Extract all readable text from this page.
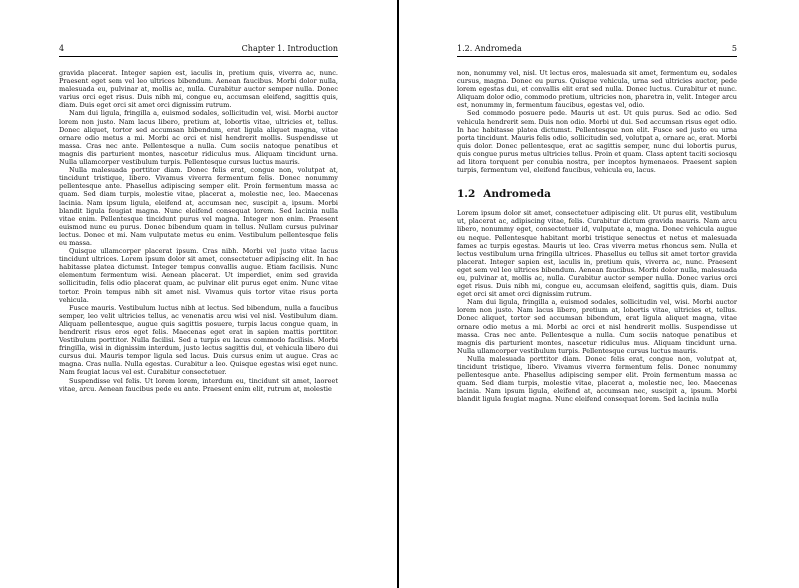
4	Chapter 1. Introduction

gravida placerat. Integer sapien est, iaculis in, pretium quis, viverra ac, nunc. Praesent eget sem vel leo ultrices bibendum. Aenean faucibus. Morbi dolor nulla, malesuada eu, pulvinar at, mollis ac, nulla. Curabitur auctor semper nulla. Donec varius orci eget risus. Duis nibh mi, congue eu, accumsan eleifend, sagittis quis, diam. Duis eget orci sit amet orci dignissim rutrum.

Nam dui ligula, fringilla a, euismod sodales, sollicitudin vel, wisi. Morbi auctor lorem non justo. Nam lacus libero, pretium at, lobortis vitae, ultricies et, tellus. Donec aliquet, tortor sed accumsan bibendum, erat ligula aliquet magna, vitae ornare odio metus a mi. Morbi ac orci et nisl hendrerit mollis. Suspendisse ut massa. Cras nec ante. Pellentesque a nulla. Cum sociis natoque penatibus et magnis dis parturient montes, nascetur ridiculus mus. Aliquam tincidunt urna. Nulla ullamcorper vestibulum turpis. Pellentesque cursus luctus mauris.

Nulla malesuada porttitor diam. Donec felis erat, congue non, volutpat at, tincidunt tristique, libero. Vivamus viverra fermentum felis. Donec nonummy pellentesque ante. Phasellus adipiscing semper elit. Proin fermentum massa ac quam. Sed diam turpis, molestie vitae, placerat a, molestie nec, leo. Maecenas lacinia. Nam ipsum ligula, eleifend at, accumsan nec, suscipit a, ipsum. Morbi blandit ligula feugiat magna. Nunc eleifend consequat lorem. Sed lacinia nulla vitae enim. Pellentesque tincidunt purus vel magna. Integer non enim. Praesent euismod nunc eu purus. Donec bibendum quam in tellus. Nullam cursus pulvinar lectus. Donec et mi. Nam vulputate metus eu enim. Vestibulum pellentesque felis eu massa.

Quisque ullamcorper placerat ipsum. Cras nibh. Morbi vel justo vitae lacus tincidunt ultrices. Lorem ipsum dolor sit amet, consectetuer adipiscing elit. In hac habitasse platea dictumst. Integer tempus convallis augue. Etiam facilisis. Nunc elementum fermentum wisi. Aenean placerat. Ut imperdiet, enim sed gravida sollicitudin, felis odio placerat quam, ac pulvinar elit purus eget enim. Nunc vitae tortor. Proin tempus nibh sit amet nisl. Vivamus quis tortor vitae risus porta vehicula.

Fusce mauris. Vestibulum luctus nibh at lectus. Sed bibendum, nulla a faucibus semper, leo velit ultricies tellus, ac venenatis arcu wisi vel nisl. Vestibulum diam. Aliquam pellentesque, augue quis sagittis posuere, turpis lacus congue quam, in hendrerit risus eros eget felis. Maecenas eget erat in sapien mattis porttitor. Vestibulum porttitor. Nulla facilisi. Sed a turpis eu lacus commodo facilisis. Morbi fringilla, wisi in dignissim interdum, justo lectus sagittis dui, et vehicula libero dui cursus dui. Mauris tempor ligula sed lacus. Duis cursus enim ut augue. Cras ac magna. Cras nulla. Nulla egestas. Curabitur a leo. Quisque egestas wisi eget nunc. Nam feugiat lacus vel est. Curabitur consectetuer.

Suspendisse vel felis. Ut lorem lorem, interdum eu, tincidunt sit amet, laoreet vitae, arcu. Aenean faucibus pede eu ante. Praesent enim elit, rutrum at, molestie

1.2. Andromeda	5

non, nonummy vel, nisl. Ut lectus eros, malesuada sit amet, fermentum eu, sodales cursus, magna. Donec eu purus. Quisque vehicula, urna sed ultricies auctor, pede lorem egestas dui, et convallis elit erat sed nulla. Donec luctus. Curabitur et nunc. Aliquam dolor odio, commodo pretium, ultricies non, pharetra in, velit. Integer arcu est, nonummy in, fermentum faucibus, egestas vel, odio.

Sed commodo posuere pede. Mauris ut est. Ut quis purus. Sed ac odio. Sed vehicula hendrerit sem. Duis non odio. Morbi ut dui. Sed accumsan risus eget odio. In hac habitasse platea dictumst. Pellentesque non elit. Fusce sed justo eu urna porta tincidunt. Mauris felis odio, sollicitudin sed, volutpat a, ornare ac, erat. Morbi quis dolor. Donec pellentesque, erat ac sagittis semper, nunc dui lobortis purus, quis congue purus metus ultricies tellus. Proin et quam. Class aptent taciti sociosqu ad litora torquent per conubia nostra, per inceptos hymenaeos. Praesent sapien turpis, fermentum vel, eleifend faucibus, vehicula eu, lacus.

1.2 Andromeda

Lorem ipsum dolor sit amet, consectetuer adipiscing elit. Ut purus elit, vestibulum ut, placerat ac, adipiscing vitae, felis. Curabitur dictum gravida mauris. Nam arcu libero, nonummy eget, consectetuer id, vulputate a, magna. Donec vehicula augue eu neque. Pellentesque habitant morbi tristique senectus et netus et malesuada fames ac turpis egestas. Mauris ut leo. Cras viverra metus rhoncus sem. Nulla et lectus vestibulum urna fringilla ultrices. Phasellus eu tellus sit amet tortor gravida placerat. Integer sapien est, iaculis in, pretium quis, viverra ac, nunc. Praesent eget sem vel leo ultrices bibendum. Aenean faucibus. Morbi dolor nulla, malesuada eu, pulvinar at, mollis ac, nulla. Curabitur auctor semper nulla. Donec varius orci eget risus. Duis nibh mi, congue eu, accumsan eleifend, sagittis quis, diam. Duis eget orci sit amet orci dignissim rutrum.

Nam dui ligula, fringilla a, euismod sodales, sollicitudin vel, wisi. Morbi auctor lorem non justo. Nam lacus libero, pretium at, lobortis vitae, ultricies et, tellus. Donec aliquet, tortor sed accumsan bibendum, erat ligula aliquet magna, vitae ornare odio metus a mi. Morbi ac orci et nisl hendrerit mollis. Suspendisse ut massa. Cras nec ante. Pellentesque a nulla. Cum sociis natoque penatibus et magnis dis parturient montes, nascetur ridiculus mus. Aliquam tincidunt urna. Nulla ullamcorper vestibulum turpis. Pellentesque cursus luctus mauris.

Nulla malesuada porttitor diam. Donec felis erat, congue non, volutpat at, tincidunt tristique, libero. Vivamus viverra fermentum felis. Donec nonummy pellentesque ante. Phasellus adipiscing semper elit. Proin fermentum massa ac quam. Sed diam turpis, molestie vitae, placerat a, molestie nec, leo. Maecenas lacinia. Nam ipsum ligula, eleifend at, accumsan nec, suscipit a, ipsum. Morbi blandit ligula feugiat magna. Nunc eleifend consequat lorem. Sed lacinia nulla
